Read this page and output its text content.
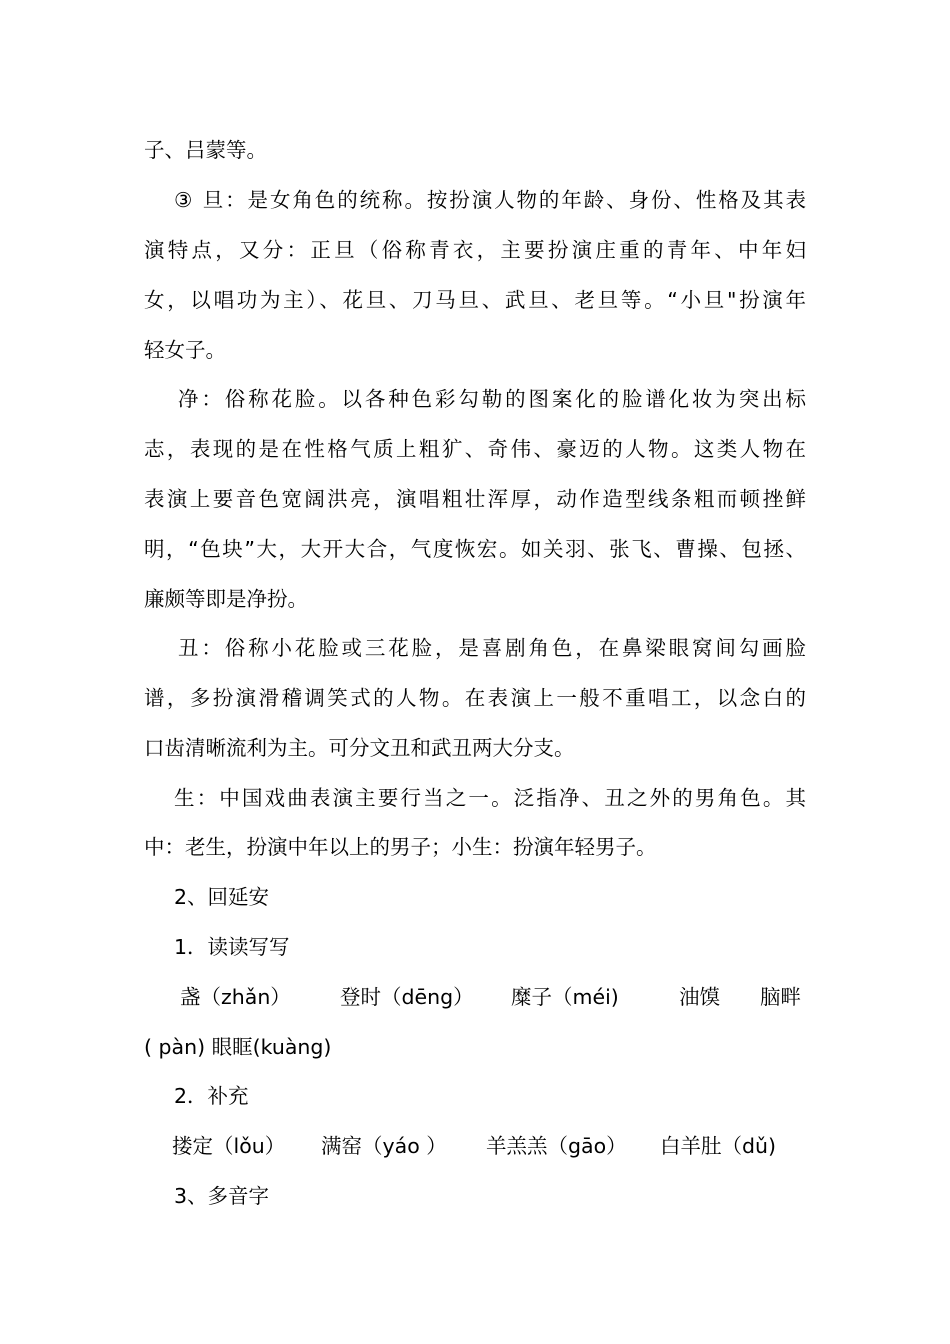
子、吕蒙等。
③ 旦：是女角色的统称。按扮演人物的年龄、身份、性格及其表
演特点，又分：正旦（俗称青衣，主要扮演庄重的青年、中年妇
女，以唱功为主）、花旦、刀马旦、武旦、老旦等。“小旦"扮演年
轻女子。
净：俗称花脸。以各种色彩勾勒的图案化的脸谱化妆为突出标
志，表现的是在性格气质上粗犷、奇伟、豪迈的人物。这类人物在
表演上要音色宽阔洪亮，演唱粗壮浑厚，动作造型线条粗而顿挫鲜
明，“色块”大，大开大合，气度恢宏。如关羽、张飞、曹操、包拯、
廉颇等即是净扮。
丑：俗称小花脸或三花脸，是喜剧角色，在鼻梁眼窝间勾画脸
谱，多扮演滑稽调笑式的人物。在表演上一般不重唱工，以念白的
口齿清晰流利为主。可分文丑和武丑两大分支。
生：中国戏曲表演主要行当之一。泛指净、丑之外的男角色。其
中：老生，扮演中年以上的男子；小生：扮演年轻男子。
2、回延安
1．读读写写
盏（zhǎn） 登时（dēng） 糜子（méi)	油馍 脑畔
( pàn) 眼眶(kuàng)
2．补充
搂定（lǒu） 满窑（yáo ） 羊羔羔（gāo） 白羊肚（dǔ)
3、多音字
